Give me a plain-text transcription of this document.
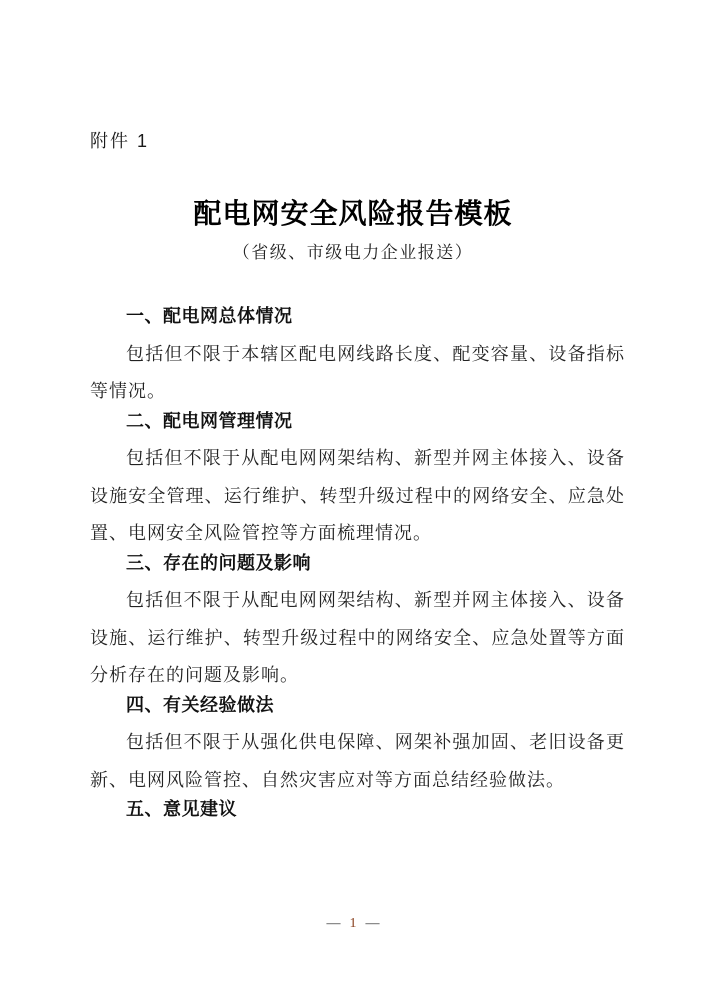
附件 1
配电网安全风险报告模板
（省级、市级电力企业报送）
一、配电网总体情况

包括但不限于本辖区配电网线路长度、配变容量、设备指标等情况。

二、配电网管理情况

包括但不限于从配电网网架结构、新型并网主体接入、设备设施安全管理、运行维护、转型升级过程中的网络安全、应急处置、电网安全风险管控等方面梳理情况。

三、存在的问题及影响

包括但不限于从配电网网架结构、新型并网主体接入、设备设施、运行维护、转型升级过程中的网络安全、应急处置等方面分析存在的问题及影响。

四、有关经验做法

包括但不限于从强化供电保障、网架补强加固、老旧设备更新、电网风险管控、自然灾害应对等方面总结经验做法。

五、意见建议
— 1 —
